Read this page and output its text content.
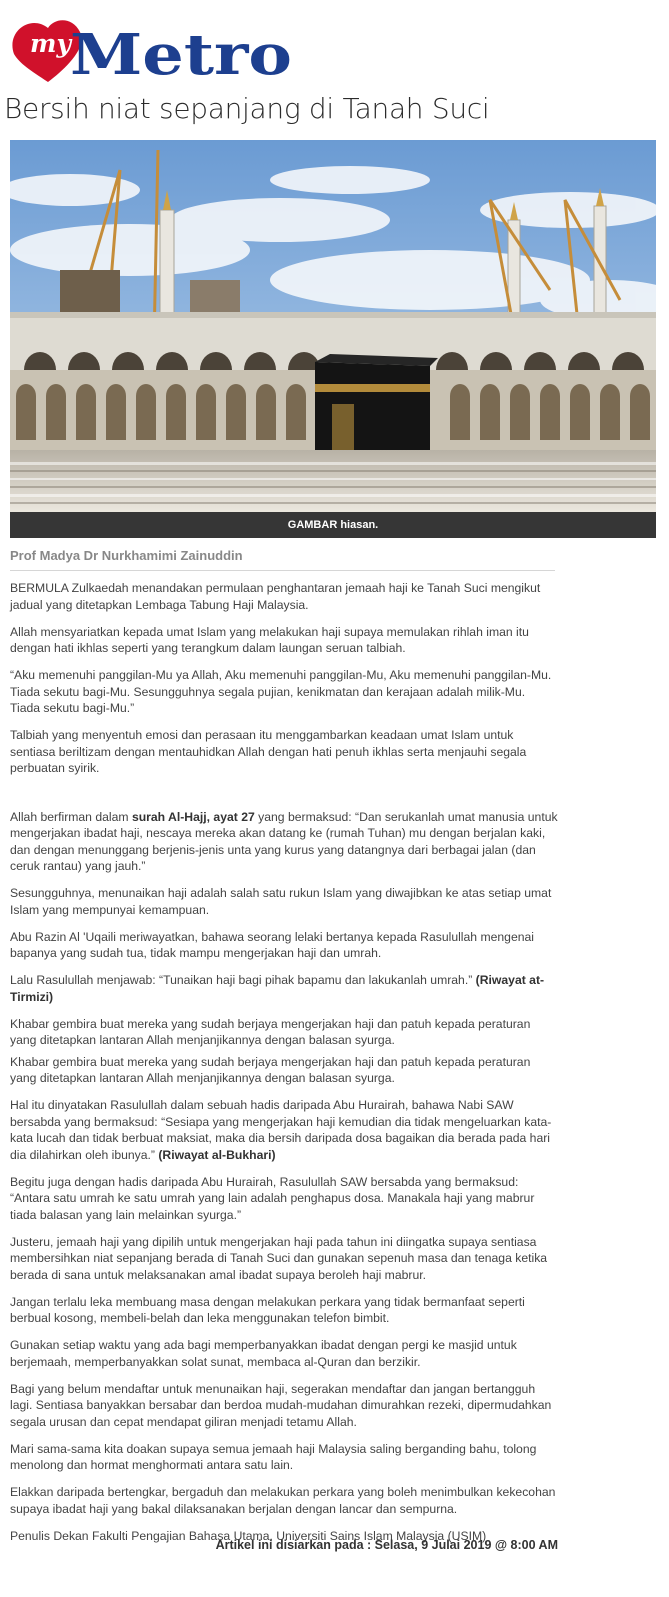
my Metro
Bersih niat sepanjang di Tanah Suci
GAMBAR hiasan.
Prof Madya Dr Nurkhamimi Zainuddin

BERMULA Zulkaedah menandakan permulaan penghantaran jemaah haji ke Tanah Suci mengikut jadual yang ditetapkan Lembaga Tabung Haji Malaysia.

Allah mensyariatkan kepada umat Islam yang melakukan haji supaya memulakan rihlah iman itu dengan hati ikhlas seperti yang terangkum dalam laungan seruan talbiah.

“Aku memenuhi panggilan-Mu ya Allah, Aku memenuhi panggilan-Mu, Aku memenuhi panggilan-Mu. Tiada sekutu bagi-Mu. Sesungguhnya segala pujian, kenikmatan dan kerajaan adalah milik-Mu. Tiada sekutu bagi-Mu.”

Talbiah yang menyentuh emosi dan perasaan itu menggambarkan keadaan umat Islam untuk sentiasa beriltizam dengan mentauhidkan Allah dengan hati penuh ikhlas serta menjauhi segala perbuatan syirik.

Allah berfirman dalam surah Al-Hajj, ayat 27 yang bermaksud: “Dan serukanlah umat manusia untuk mengerjakan ibadat haji, nescaya mereka akan datang ke (rumah Tuhan) mu dengan berjalan kaki, dan dengan menunggang berjenis-jenis unta yang kurus yang datangnya dari berbagai jalan (dan ceruk rantau) yang jauh.”

Sesungguhnya, menunaikan haji adalah salah satu rukun Islam yang diwajibkan ke atas setiap umat Islam yang mempunyai kemampuan.

Abu Razin Al 'Uqaili meriwayatkan, bahawa seorang lelaki bertanya kepada Rasulullah mengenai bapanya yang sudah tua, tidak mampu mengerjakan haji dan umrah.

Lalu Rasulullah menjawab: “Tunaikan haji bagi pihak bapamu dan lakukanlah umrah.” (Riwayat at-Tirmizi)

Khabar gembira buat mereka yang sudah berjaya mengerjakan haji dan patuh kepada peraturan yang ditetapkan lantaran Allah menjanjikannya dengan balasan syurga.

Khabar gembira buat mereka yang sudah berjaya mengerjakan haji dan patuh kepada peraturan yang ditetapkan lantaran Allah menjanjikannya dengan balasan syurga.

Hal itu dinyatakan Rasulullah dalam sebuah hadis daripada Abu Hurairah, bahawa Nabi SAW bersabda yang bermaksud: “Sesiapa yang mengerjakan haji kemudian dia tidak mengeluarkan kata-kata lucah dan tidak berbuat maksiat, maka dia bersih daripada dosa bagaikan dia berada pada hari dia dilahirkan oleh ibunya.” (Riwayat al-Bukhari)

Begitu juga dengan hadis daripada Abu Hurairah, Rasulullah SAW bersabda yang bermaksud: “Antara satu umrah ke satu umrah yang lain adalah penghapus dosa. Manakala haji yang mabrur tiada balasan yang lain melainkan syurga.”

Justeru, jemaah haji yang dipilih untuk mengerjakan haji pada tahun ini diingatka supaya sentiasa membersihkan niat sepanjang berada di Tanah Suci dan gunakan sepenuh masa dan tenaga ketika berada di sana untuk melaksanakan amal ibadat supaya beroleh haji mabrur.

Jangan terlalu leka membuang masa dengan melakukan perkara yang tidak bermanfaat seperti berbual kosong, membeli-belah dan leka menggunakan telefon bimbit.

Gunakan setiap waktu yang ada bagi memperbanyakkan ibadat dengan pergi ke masjid untuk berjemaah, memperbanyakkan solat sunat, membaca al-Quran dan berzikir.

Bagi yang belum mendaftar untuk menunaikan haji, segerakan mendaftar dan jangan bertangguh lagi. Sentiasa banyakkan bersabar dan berdoa mudah-mudahan dimurahkan rezeki, dipermudahkan segala urusan dan cepat mendapat giliran menjadi tetamu Allah.

Mari sama-sama kita doakan supaya semua jemaah haji Malaysia saling berganding bahu, tolong menolong dan hormat menghormati antara satu lain.

Elakkan daripada bertengkar, bergaduh dan melakukan perkara yang boleh menimbulkan kekecohan supaya ibadat haji yang bakal dilaksanakan berjalan dengan lancar dan sempurna.

Penulis Dekan Fakulti Pengajian Bahasa Utama, Universiti Sains Islam Malaysia (USIM)

Artikel ini disiarkan pada : Selasa, 9 Julai 2019 @ 8:00 AM
